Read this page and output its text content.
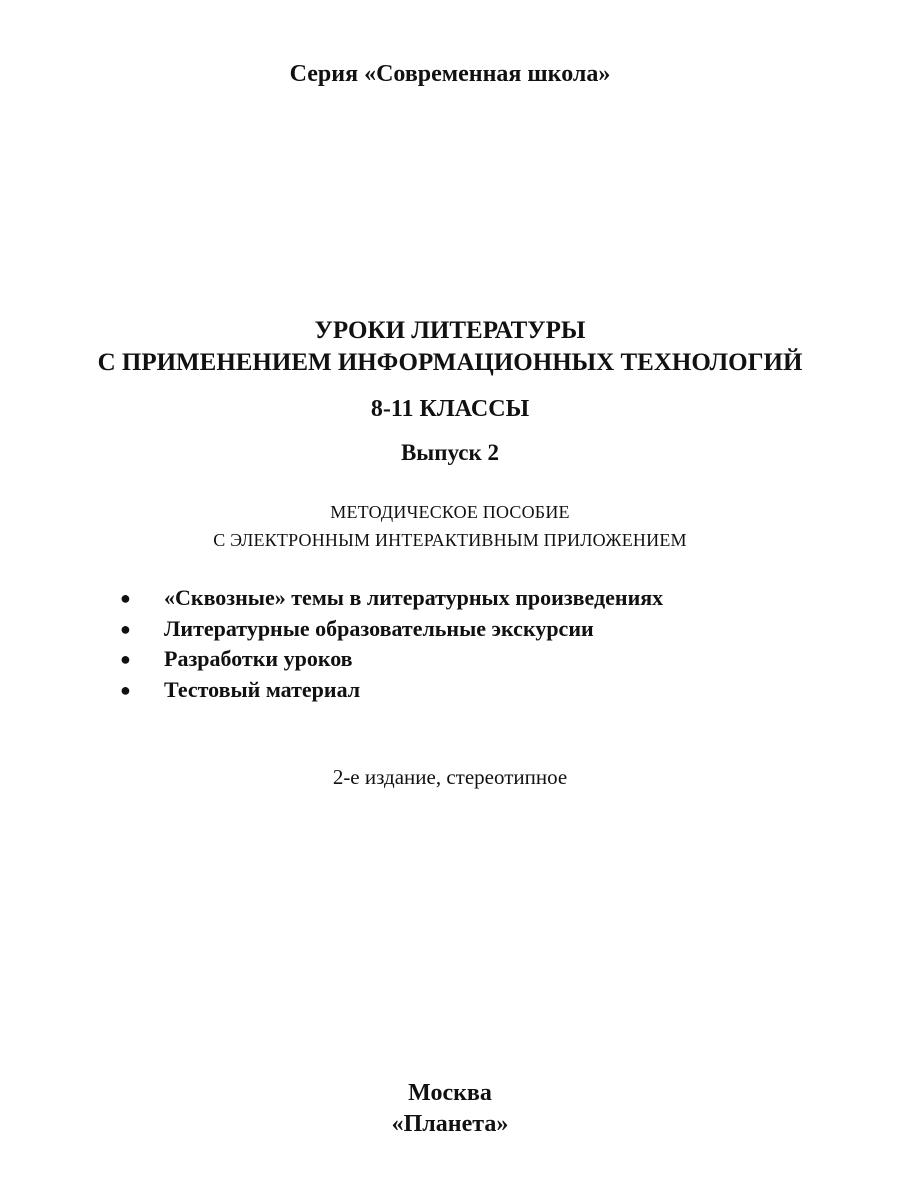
Серия «Современная школа»
УРОКИ ЛИТЕРАТУРЫ
С ПРИМЕНЕНИЕМ ИНФОРМАЦИОННЫХ ТЕХНОЛОГИЙ
8-11 КЛАССЫ
Выпуск 2
МЕТОДИЧЕСКОЕ ПОСОБИЕ
С ЭЛЕКТРОННЫМ ИНТЕРАКТИВНЫМ ПРИЛОЖЕНИЕМ
● «Сквозные» темы в литературных произведениях
● Литературные образовательные экскурсии
● Разработки уроков
● Тестовый материал
2-е издание, стереотипное
Москва
«Планета»
